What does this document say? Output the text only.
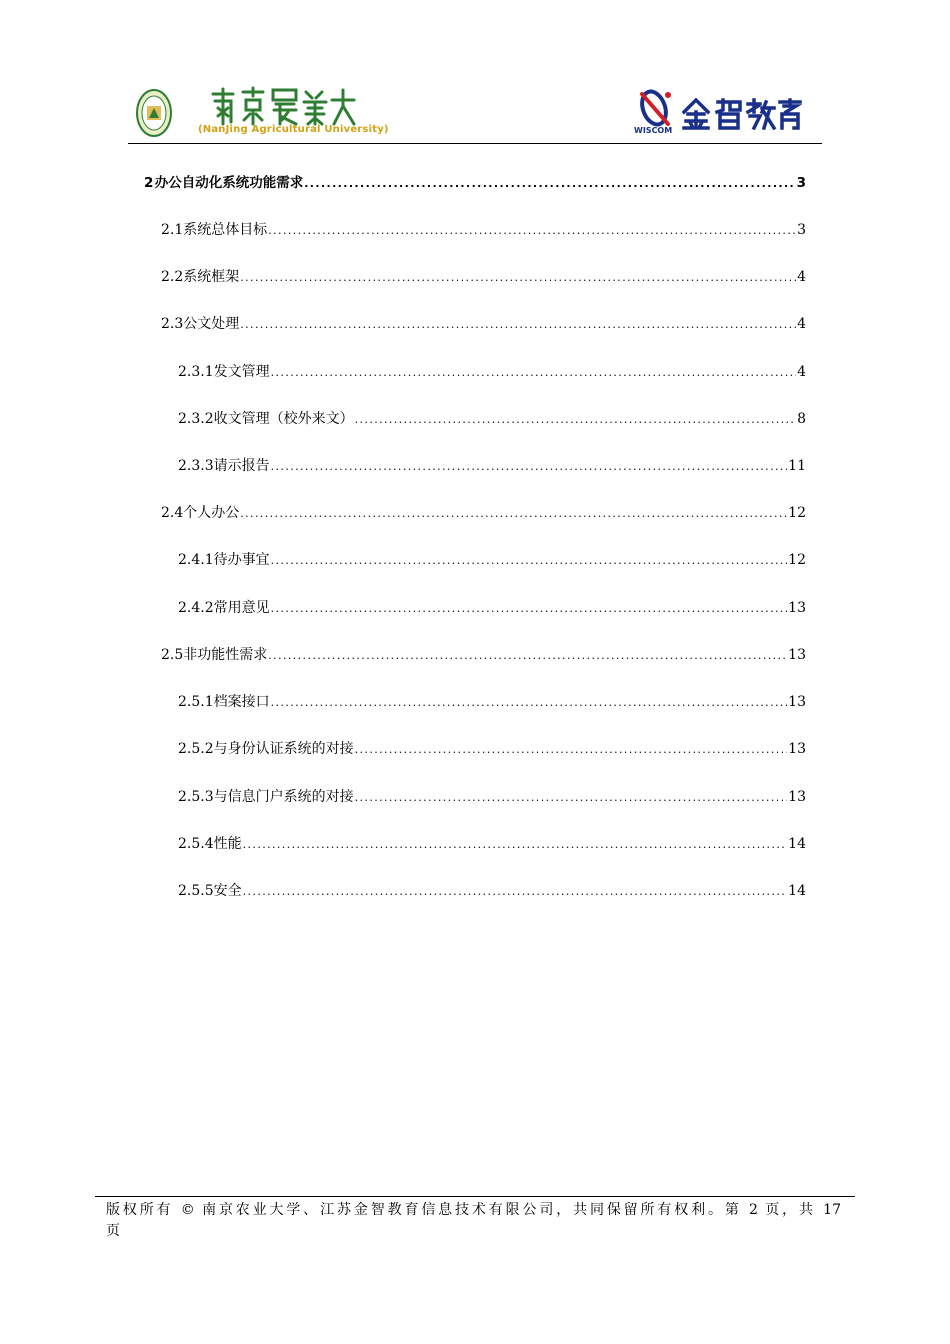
(NanJing Agricultural University)	WISCOM
2 办公自动化系统功能需求 .....	3
2.1 系统总体目标 .....	3
2.2 系统框架 .....	4
2.3 公文处理 .....	4
2.3.1 发文管理 .....	4
2.3.2 收文管理（校外来文） .....	8
2.3.3 请示报告 .....	11
2.4 个人办公 .....	12
2.4.1 待办事宜 .....	12
2.4.2 常用意见 .....	13
2.5 非功能性需求 .....	13
2.5.1 档案接口 .....	13
2.5.2 与身份认证系统的对接 .....	13
2.5.3 与信息门户系统的对接 .....	13
2.5.4 性能 .....	14
2.5.5 安全 .....	14
版权所有 © 南京农业大学、江苏金智教育信息技术有限公司，共同保留所有权利。第 2 页，共 17
页
